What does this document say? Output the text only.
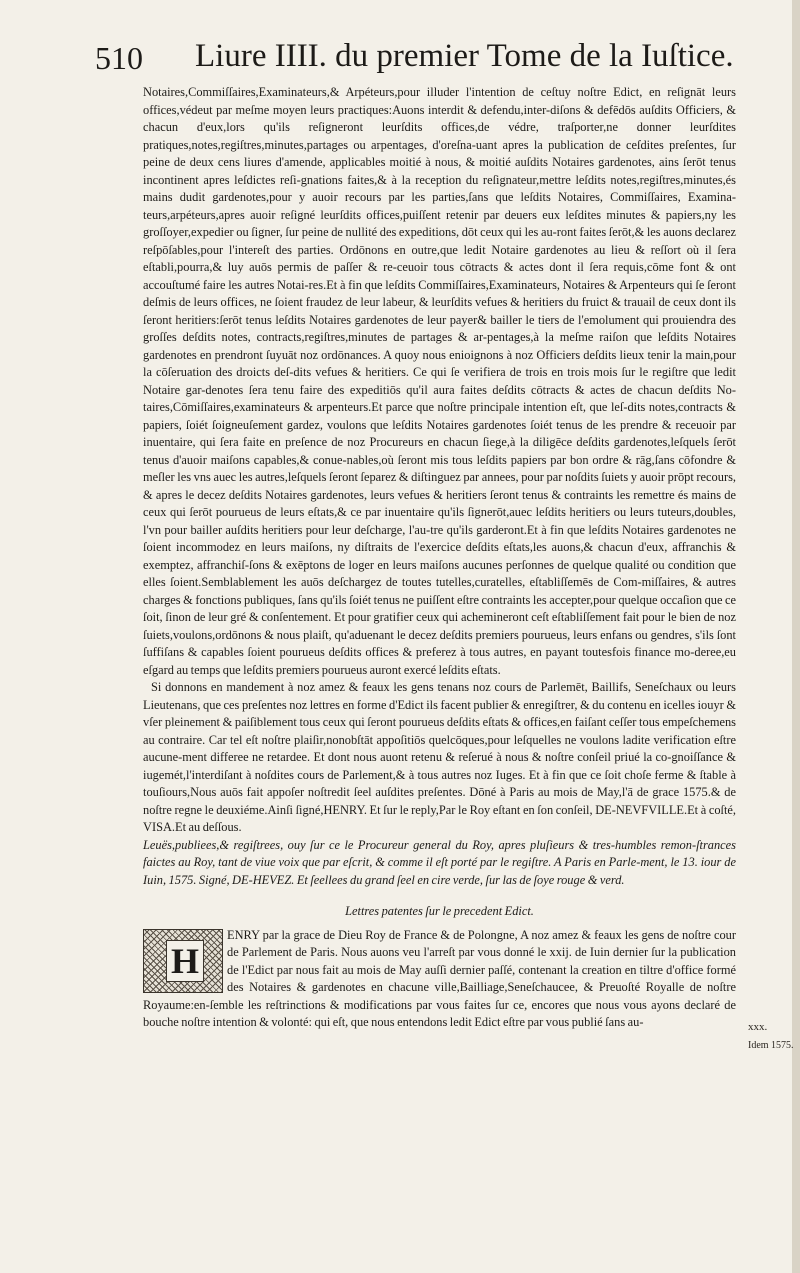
510 Liure IIII. du premier Tome de la Iuſtice.

Notaires,Commiſſaires,Examinateurs,& Arpéteurs,pour illuder l'intention de ceſtuy noſtre Edict, en reſignāt leurs offices,védeut par meſme moyen leurs practiques:Auons interdit & defendu,inter-diſons & defēdōs auſdits Officiers, & chacun d'eux,lors qu'ils reſigneront leurſdits offices,de védre, traſporter,ne donner leurſdites pratiques,notes,regiſtres,minutes,partages ou arpentages, d'oreſna-uant apres la publication de ceſdites preſentes, ſur peine de deux cens liures d'amende, applicables moitié à nous, & moitié auſdits Notaires gardenotes, ains ſerōt tenus incontinent apres leſdictes reſi-gnations faites,& à la reception du reſignateur,mettre leſdits notes,regiſtres,minutes,és mains dudit gardenotes,pour y auoir recours par les parties,ſans que leſdits Notaires, Commiſſaires, Examina-teurs,arpéteurs,apres auoir reſigné leurſdits offices,puiſſent retenir par deuers eux leſdites minutes & papiers,ny les groſſoyer,expedier ou ſigner, ſur peine de nullité des expeditions, dōt ceux qui les au-ront faites ſerōt,& les auons declarez reſpōſables,pour l'intereſt des parties. Ordōnons en outre,que ledit Notaire gardenotes au lieu & reſſort où il ſera eſtabli,pourra,& luy auōs permis de paſſer & re-ceuoir tous cōtracts & actes dont il ſera requis,cōme font & ont accouſtumé faire les autres Notai-res.Et à fin que leſdits Commiſſaires,Examinateurs, Notaires & Arpenteurs qui ſe ſeront deſmis de leurs offices, ne ſoient fraudez de leur labeur, & leurſdits vefues & heritiers du fruict & trauail de ceux dont ils ſeront heritiers:ſerōt tenus leſdits Notaires gardenotes de leur payer& bailler le tiers de l'emolument qui prouiendra des groſſes deſdits notes, contracts,regiſtres,minutes de partages & ar-pentages,à la meſme raiſon que leſdits Notaires gardenotes en prendront ſuyuāt noz ordōnances. A quoy nous enioignons à noz Officiers deſdits lieux tenir la main,pour la cōſeruation des droicts deſ-dits vefues & heritiers. Ce qui ſe verifiera de trois en trois mois ſur le regiſtre que ledit Notaire gar-denotes ſera tenu faire des expeditiōs qu'il aura faites deſdits cōtracts & actes de chacun deſdits No-taires,Cōmiſſaires,examinateurs & arpenteurs.Et parce que noſtre principale intention eſt, que leſ-dits notes,contracts & papiers, ſoiét ſoigneuſement gardez, voulons que leſdits Notaires gardenotes ſoiét tenus de les prendre & receuoir par inuentaire, qui ſera faite en preſence de noz Procureurs en chacun ſiege,à la diligēce deſdits gardenotes,leſquels ſerōt tenus d'auoir maiſons capables,& conue-nables,où ſeront mis tous leſdits papiers par bon ordre & rāg,ſans cōfondre & meſler les vns auec les autres,leſquels ſeront ſeparez & diſtinguez par annees, pour par noſdits ſuiets y auoir prōpt recours, & apres le decez deſdits Notaires gardenotes, leurs vefues & heritiers ſeront tenus & contraints les remettre és mains de ceux qui ſerōt pourueus de leurs eſtats,& ce par inuentaire qu'ils ſignerōt,auec leſdits heritiers ou leurs tuteurs,doubles, l'vn pour bailler auſdits heritiers pour leur deſcharge, l'au-tre qu'ils garderont.Et à fin que leſdits Notaires gardenotes ne ſoient incommodez en leurs maiſons, ny diſtraits de l'exercice deſdits eſtats,les auons,& chacun d'eux, affranchis & exemptez, affranchiſ-ſons & exēptons de loger en leurs maiſons aucunes perſonnes de quelque qualité ou condition que elles ſoient.Semblablement les auōs deſchargez de toutes tutelles,curatelles, eſtabliſſemēs de Com-miſſaires, & autres charges & fonctions publiques, ſans qu'ils ſoiét tenus ne puiſſent eſtre contraints les accepter,pour quelque occaſion que ce ſoit, ſinon de leur gré & conſentement. Et pour gratifier ceux qui achemineront ceſt eſtabliſſement fait pour le bien de noz ſuiets,voulons,ordōnons & nous plaiſt, qu'aduenant le decez deſdits premiers pourueus, leurs enfans ou gendres, s'ils ſont ſuffiſans & capables ſoient pourueus deſdits offices & preferez à tous autres, en payant toutesfois finance mo-deree,eu eſgard au temps que leſdits premiers pourueus auront exercé leſdits eſtats.

Si donnons en mandement à noz amez & feaux les gens tenans noz cours de Parlemēt, Baillifs, Seneſchaux ou leurs Lieutenans, que ces preſentes noz lettres en forme d'Edict ils facent publier & enregiſtrer, & du contenu en icelles iouyr & vſer pleinement & paiſiblement tous ceux qui ſeront pourueus deſdits eſtats & offices,en faiſant ceſſer tous empeſchemens au contraire. Car tel eſt noſtre plaiſir,nonobſtāt appoſitiōs quelcōques,pour leſquelles ne voulons ladite verification eſtre aucune-ment differee ne retardee. Et dont nous auont retenu & reſerué à nous & noſtre conſeil priué la co-gnoiſſance & iugemét,l'interdiſant à noſdites cours de Parlement,& à tous autres noz Iuges. Et à fin que ce ſoit choſe ferme & ſtable à touſiours,Nous auōs fait appoſer noſtredit ſeel auſdites preſentes. Dōné à Paris au mois de May,l'ā de grace 1575.& de noſtre regne le deuxiéme.Ainſi ſigné,HENRY. Et ſur le reply,Par le Roy eſtant en ſon conſeil, DE-NEVFVILLE.Et à coſté, VISA.Et au deſſous.

Leuës,publiees,& regiſtrees, ouy ſur ce le Procureur general du Roy, apres pluſieurs & tres-humbles remon-ſtrances faictes au Roy, tant de viue voix que par eſcrit, & comme il eſt porté par le regiſtre. A Paris en Parle-ment, le 13. iour de Iuin, 1575. Signé, DE-HEVEZ. Et ſeellees du grand ſeel en cire verde, ſur las de ſoye rouge & verd.

Lettres patentes ſur le precedent Edict.
H

ENRY par la grace de Dieu Roy de France & de Polongne, A noz amez & feaux les gens de noſtre cour de Parlement de Paris. Nous auons veu l'arreſt par vous donné le xxij. de Iuin dernier ſur la publication de l'Edict par nous fait au mois de May auſſi dernier paſſé, contenant la creation en tiltre d'office formé des Notaires & gardenotes en chacune ville,Bailliage,Seneſchaucee, & Preuoſté Royalle de noſtre Royaume:en-ſemble les reſtrinctions & modifications par vous faites ſur ce, encores que nous vous ayons declaré de bouche noſtre intention & volonté: qui eſt, que nous entendons ledit Edict eſtre par vous publié ſans au-	xxx.
Idem 1575.
